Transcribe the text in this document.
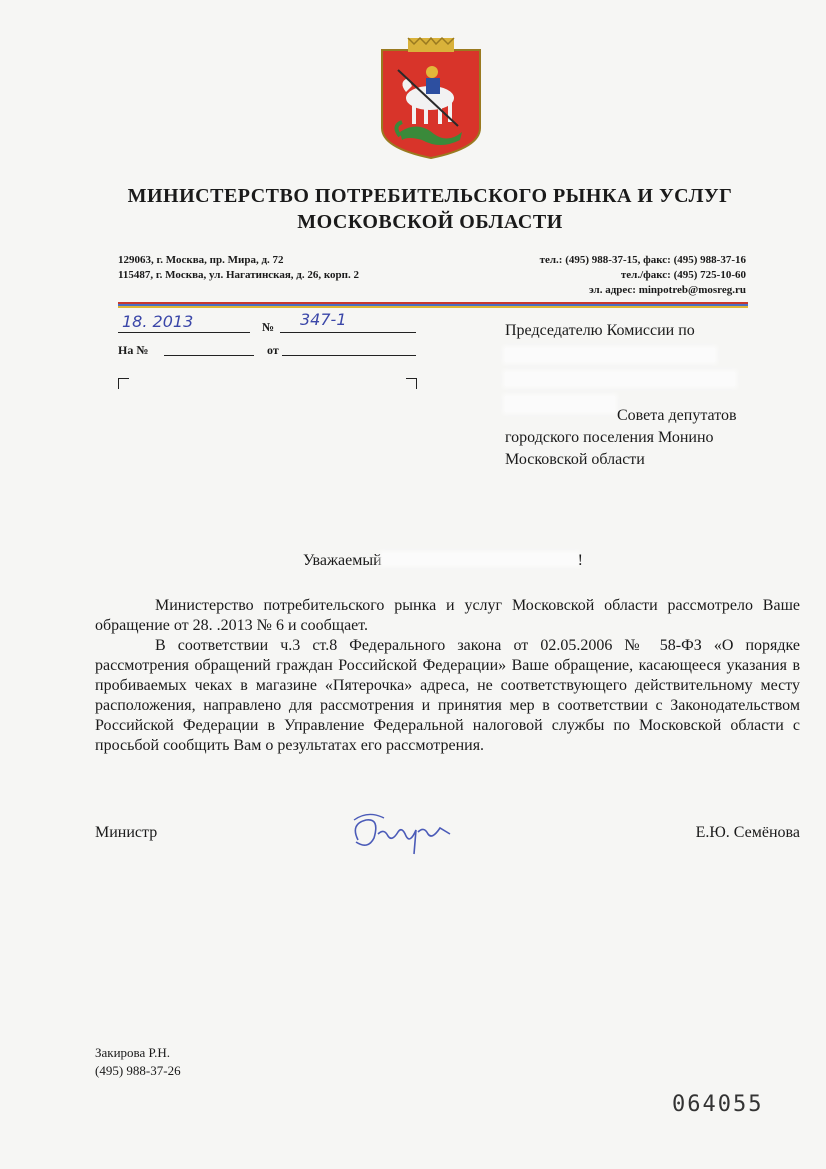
МИНИСТЕРСТВО ПОТРЕБИТЕЛЬСКОГО РЫНКА И УСЛУГ
МОСКОВСКОЙ ОБЛАСТИ
129063, г. Москва, пр. Мира, д. 72
115487, г. Москва, ул. Нагатинская, д. 26, корп. 2
тел.: (495) 988-37-15, факс: (495) 988-37-16
тел./факс: (495) 725-10-60
эл. адрес: minpotreb@mosreg.ru
18. 2013	№ 347-1
На №	от
Председателю Комиссии по
Совета депутатов
городского поселения Монино
Московской области
Уважаемый	!

Министерство потребительского рынка и услуг Московской области рассмотрело Ваше обращение от 28. .2013 № 6 и сообщает.

В соответствии ч.3 ст.8 Федерального закона от 02.05.2006 № 58-ФЗ «О порядке рассмотрения обращений граждан Российской Федерации» Ваше обращение, касающееся указания в пробиваемых чеках в магазине «Пятерочка» адреса, не соответствующего действительному месту расположения, направлено для рассмотрения и принятия мер в соответствии с Законодательством Российской Федерации в Управление Федеральной налоговой службы по Московской области с просьбой сообщить Вам о результатах его рассмотрения.

Министр	Е.Ю. Семёнова
Закирова Р.Н.
(495) 988-37-26
064055
